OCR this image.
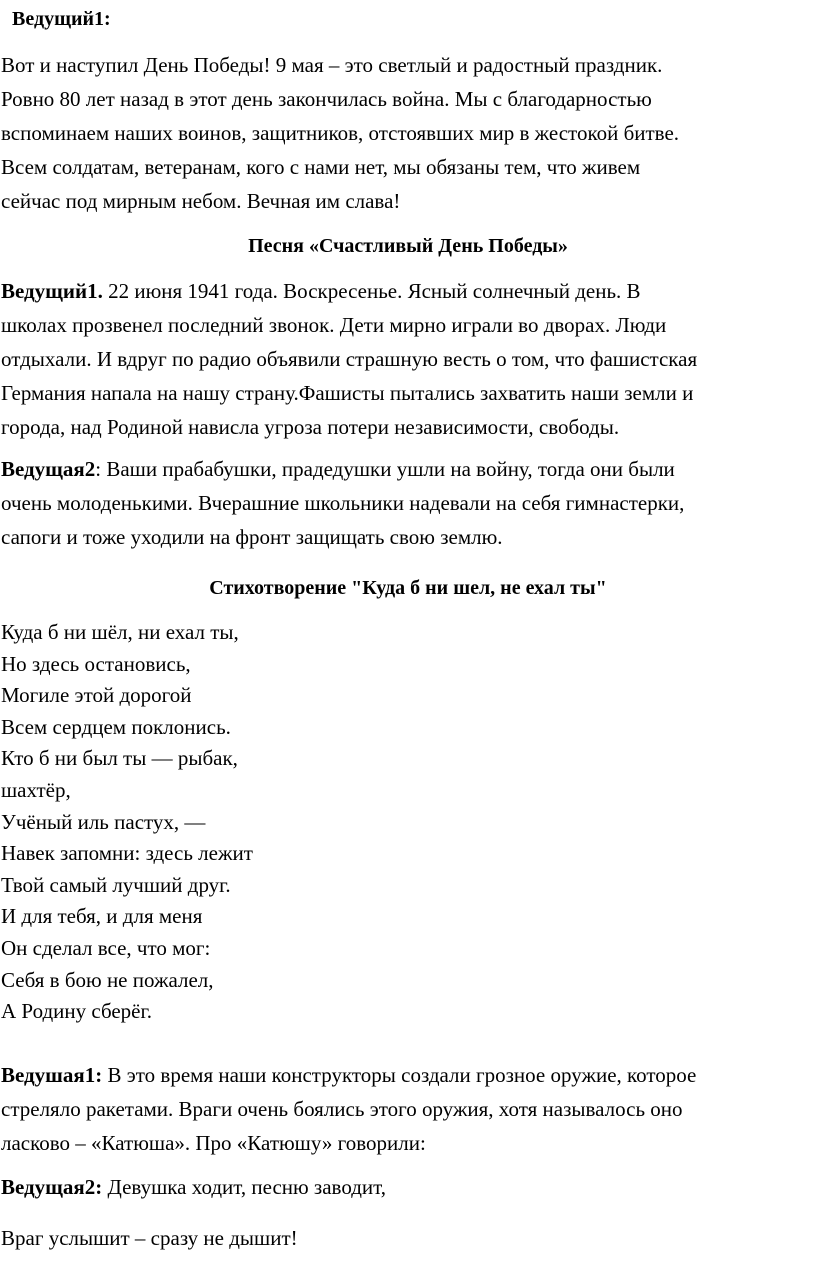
Ведущий1:
Вот и наступил День Победы! 9 мая – это светлый и радостный праздник.
Ровно 80 лет назад в этот день закончилась война. Мы с благодарностью
вспоминаем наших воинов, защитников, отстоявших мир в жестокой битве.
Всем солдатам, ветеранам, кого с нами нет, мы обязаны тем, что живем
сейчас под мирным небом. Вечная им слава!
Песня «Счастливый День Победы»
Ведущий1. 22 июня 1941 года. Воскресенье. Ясный солнечный день. В
школах прозвенел последний звонок. Дети мирно играли во дворах. Люди
отдыхали. И вдруг по радио объявили страшную весть о том, что фашистская
Германия напала на нашу страну.Фашисты пытались захватить наши земли и
города, над Родиной нависла угроза потери независимости, свободы.
Ведущая2: Ваши прабабушки, прадедушки ушли на войну, тогда они были
очень молоденькими. Вчерашние школьники надевали на себя гимнастерки,
сапоги и тоже уходили на фронт защищать свою землю.
Стихотворение "Куда б ни шел, не ехал ты"
Куда б ни шёл, ни ехал ты,
Но здесь остановись,
Могиле этой дорогой
Всем сердцем поклонись.
Кто б ни был ты — рыбак,
шахтёр,
Учёный иль пастух, —
Навек запомни: здесь лежит
Твой самый лучший друг.
И для тебя, и для меня
Он сделал все, что мог:
Себя в бою не пожалел,
А Родину сберёг.
Ведушая1: В это время наши конструкторы создали грозное оружие, которое
стреляло ракетами. Враги очень боялись этого оружия, хотя называлось оно
ласково – «Катюша». Про «Катюшу» говорили:
Ведущая2: Девушка ходит, песню заводит,
Враг услышит – сразу не дышит!
